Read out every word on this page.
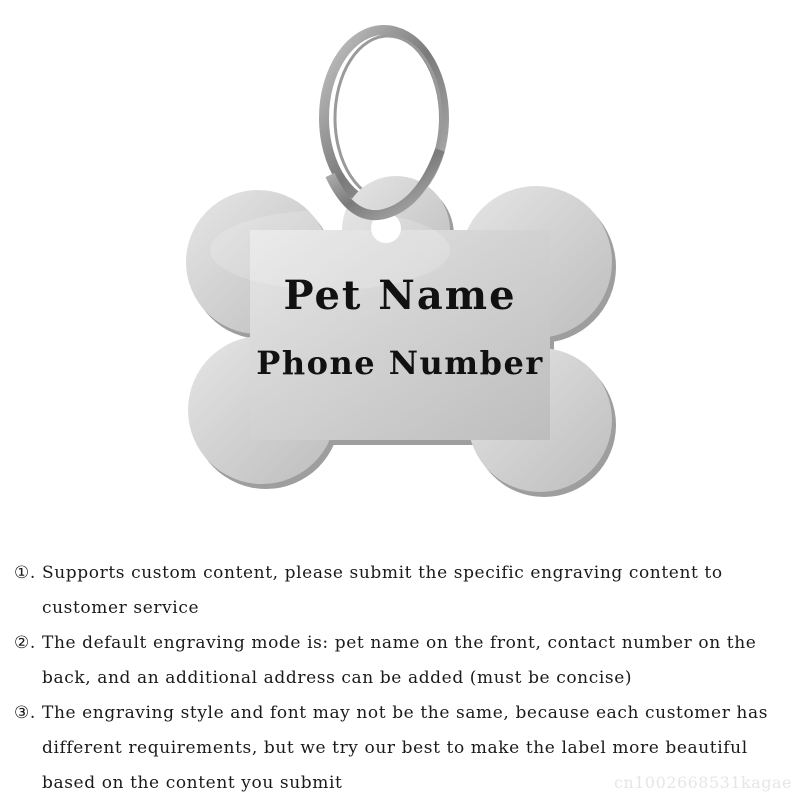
Pet Name
Phone Number
①. Supports custom content, please submit the specific engraving content to customer service
②. The default engraving mode is: pet name on the front, contact number on the back, and an additional address can be added (must be concise)
③. The engraving style and font may not be the same, because each customer has different requirements, but we try our best to make the label more beautiful based on the content you submit	cn1002668531kagae
